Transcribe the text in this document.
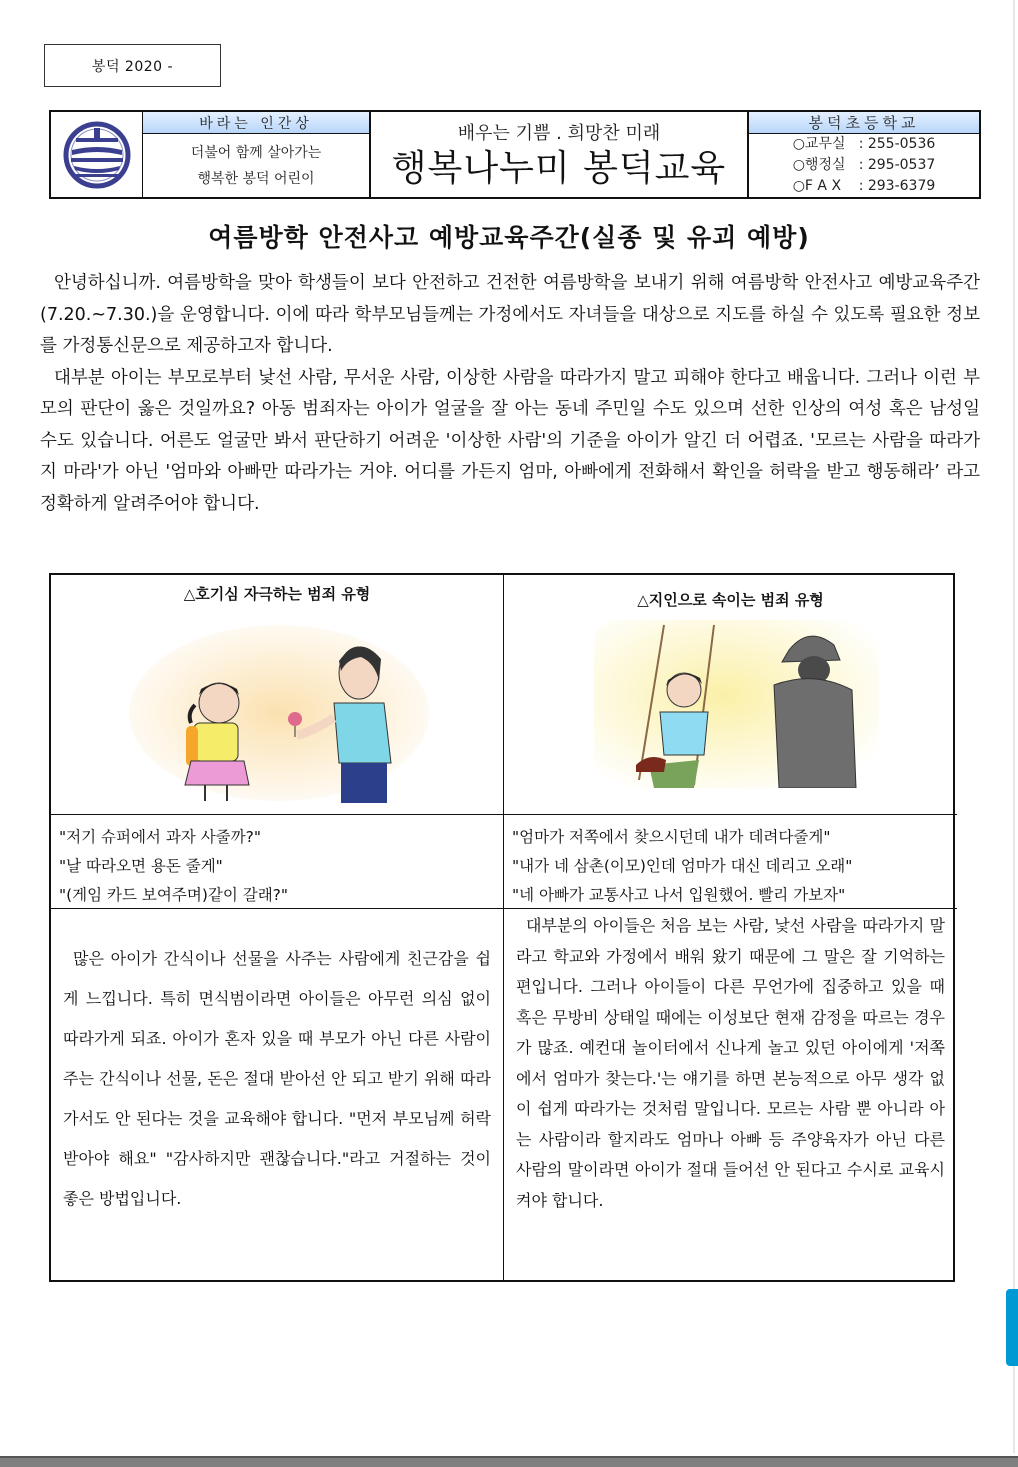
봉덕 2020 -
바라는 인간상
더불어 함께 살아가는
행복한 봉덕 어린이
배우는 기쁨 . 희망찬 미래
행복나누미 봉덕교육
봉덕초등학교
○교무실 : 255-0536
○행정실 : 295-0537
○F A X	: 293-6379
여름방학 안전사고 예방교육주간(실종 및 유괴 예방)

안녕하십니까. 여름방학을 맞아 학생들이 보다 안전하고 건전한 여름방학을 보내기 위해 여름방학 안전사고 예방교육주간(7.20.~7.30.)을 운영합니다. 이에 따라 학부모님들께는 가정에서도 자녀들을 대상으로 지도를 하실 수 있도록 필요한 정보를 가정통신문으로 제공하고자 합니다.

대부분 아이는 부모로부터 낯선 사람, 무서운 사람, 이상한 사람을 따라가지 말고 피해야 한다고 배웁니다. 그러나 이런 부모의 판단이 옳은 것일까요? 아동 범죄자는 아이가 얼굴을 잘 아는 동네 주민일 수도 있으며 선한 인상의 여성 혹은 남성일 수도 있습니다. 어른도 얼굴만 봐서 판단하기 어려운 '이상한 사람'의 기준을 아이가 알긴 더 어렵죠. '모르는 사람을 따라가지 마라'가 아닌 '엄마와 아빠만 따라가는 거야. 어디를 가든지 엄마, 아빠에게 전화해서 확인을 허락을 받고 행동해라’ 라고 정확하게 알려주어야 합니다.

△호기심 자극하는 범죄 유형	△지인으로 속이는 범죄 유형
"저기 슈퍼에서 과자 사줄까?"
"날 따라오면 용돈 줄게"
"(게임 카드 보여주며)같이 갈래?"
"엄마가 저쪽에서 찾으시던데 내가 데려다줄게"
"내가 네 삼촌(이모)인데 엄마가 대신 데리고 오래"
"네 아빠가 교통사고 나서 입원했어. 빨리 가보자"

많은 아이가 간식이나 선물을 사주는 사람에게 친근감을 쉽게 느낍니다. 특히 면식범이라면 아이들은 아무런 의심 없이 따라가게 되죠. 아이가 혼자 있을 때 부모가 아닌 다른 사람이 주는 간식이나 선물, 돈은 절대 받아선 안 되고 받기 위해 따라가서도 안 된다는 것을 교육해야 합니다. "먼저 부모님께 허락받아야 해요" "감사하지만 괜찮습니다."라고 거절하는 것이 좋은 방법입니다.

대부분의 아이들은 처음 보는 사람, 낯선 사람을 따라가지 말라고 학교와 가정에서 배워 왔기 때문에 그 말은 잘 기억하는 편입니다. 그러나 아이들이 다른 무언가에 집중하고 있을 때 혹은 무방비 상태일 때에는 이성보단 현재 감정을 따르는 경우가 많죠. 예컨대 놀이터에서 신나게 놀고 있던 아이에게 '저쪽에서 엄마가 찾는다.'는 얘기를 하면 본능적으로 아무 생각 없이 쉽게 따라가는 것처럼 말입니다. 모르는 사람 뿐 아니라 아는 사람이라 할지라도 엄마나 아빠 등 주양육자가 아닌 다른 사람의 말이라면 아이가 절대 들어선 안 된다고 수시로 교육시켜야 합니다.
